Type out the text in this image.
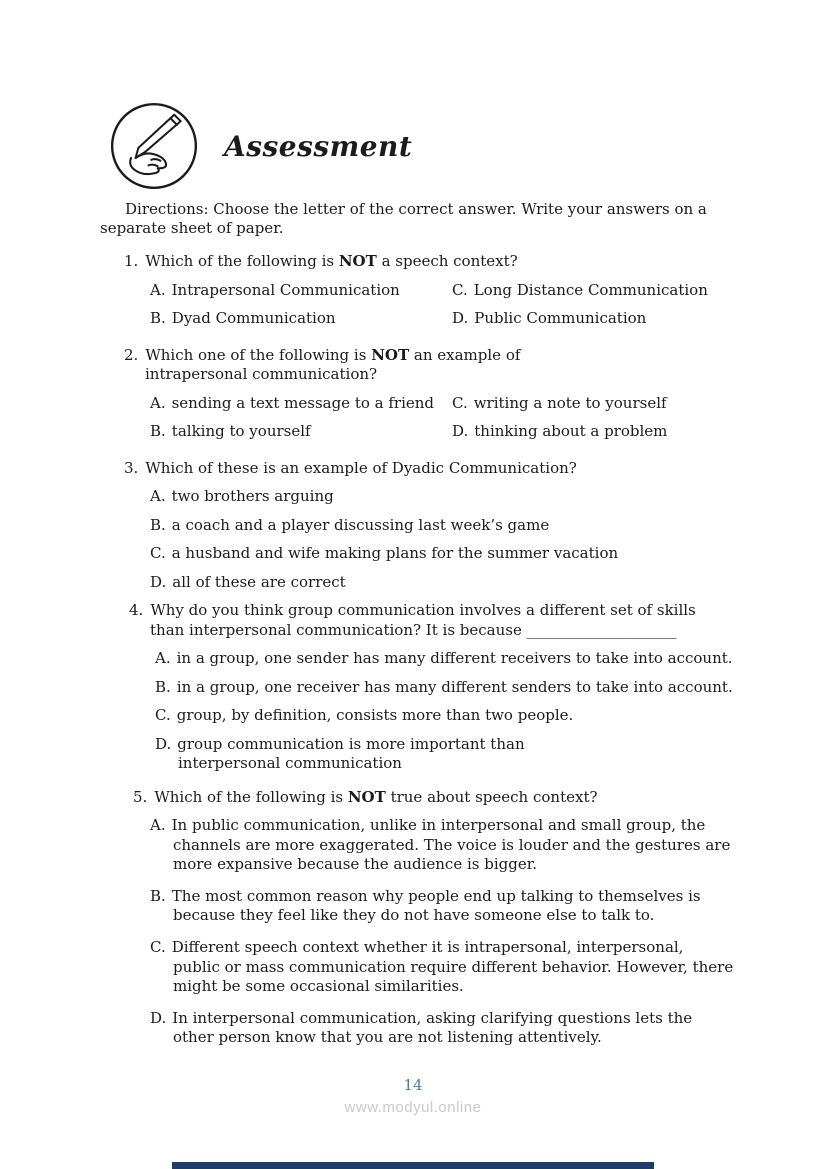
Assessment

Directions: Choose the letter of the correct answer. Write your answers on a separate sheet of paper.

1. Which of the following is NOT a speech context?
A. Intrapersonal Communication	C. Long Distance Communication
B. Dyad Communication	D. Public Communication
2. Which one of the following is NOT an example of intrapersonal communication?
A. sending a text message to a friend	C. writing a note to yourself
B. talking to yourself	D. thinking about a problem
3. Which of these is an example of Dyadic Communication?
A. two brothers arguing
B. a coach and a player discussing last week’s game
C. a husband and wife making plans for the summer vacation
D. all of these are correct
4. Why do you think group communication involves a different set of skills than interpersonal communication? It is because ____________________
A. in a group, one sender has many different receivers to take into account.
B. in a group, one receiver has many different senders to take into account.
C. group, by definition, consists more than two people.
D. group communication is more important than interpersonal communication
5. Which of the following is NOT true about speech context?
A. In public communication, unlike in interpersonal and small group, the channels are more exaggerated. The voice is louder and the gestures are more expansive because the audience is bigger.
B. The most common reason why people end up talking to themselves is because they feel like they do not have someone else to talk to.
C. Different speech context whether it is intrapersonal, interpersonal, public or mass communication require different behavior. However, there might be some occasional similarities.
D. In interpersonal communication, asking clarifying questions lets the other person know that you are not listening attentively.
14
www.modyul.online
